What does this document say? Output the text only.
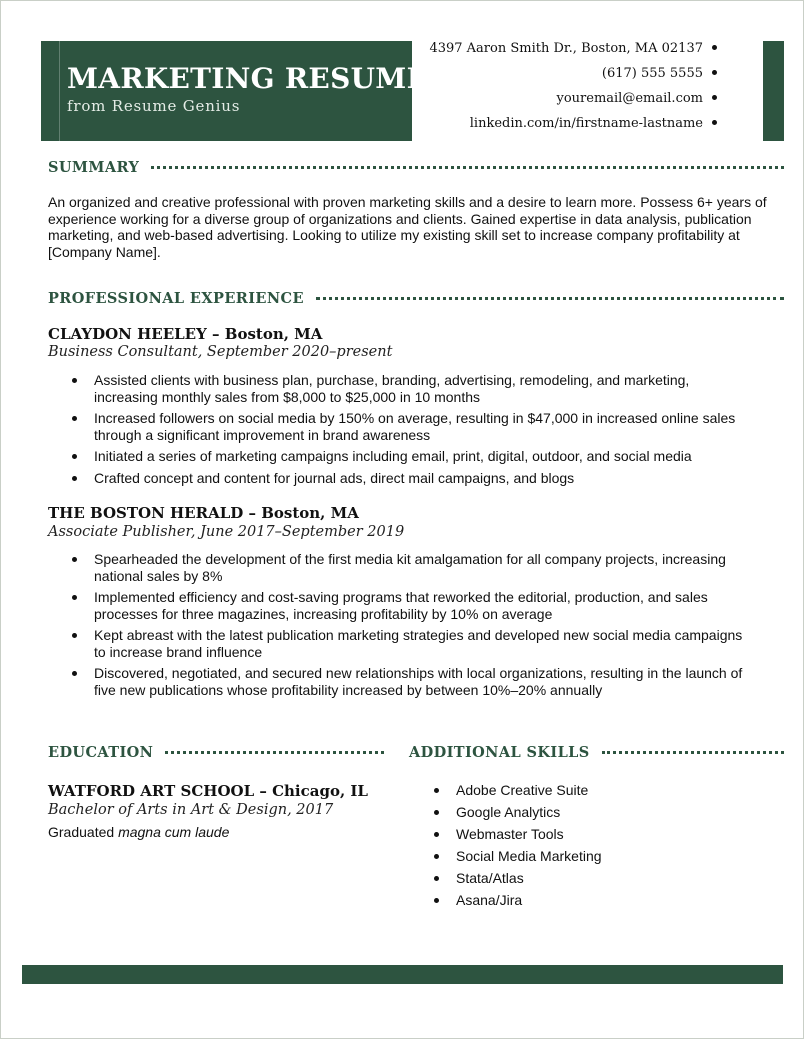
MARKETING RESUME
from Resume Genius
4397 Aaron Smith Dr., Boston, MA 02137
(617) 555 5555
youremail@email.com
linkedin.com/in/firstname-lastname
SUMMARY
An organized and creative professional with proven marketing skills and a desire to learn more. Possess 6+ years of experience working for a diverse group of organizations and clients. Gained expertise in data analysis, publication marketing, and web-based advertising. Looking to utilize my existing skill set to increase company profitability at [Company Name].
PROFESSIONAL EXPERIENCE
CLAYDON HEELEY – Boston, MA
Business Consultant, September 2020–present
Assisted clients with business plan, purchase, branding, advertising, remodeling, and marketing, increasing monthly sales from $8,000 to $25,000 in 10 months
Increased followers on social media by 150% on average, resulting in $47,000 in increased online sales through a significant improvement in brand awareness
Initiated a series of marketing campaigns including email, print, digital, outdoor, and social media
Crafted concept and content for journal ads, direct mail campaigns, and blogs
THE BOSTON HERALD – Boston, MA
Associate Publisher, June 2017–September 2019
Spearheaded the development of the first media kit amalgamation for all company projects, increasing national sales by 8%
Implemented efficiency and cost-saving programs that reworked the editorial, production, and sales processes for three magazines, increasing profitability by 10% on average
Kept abreast with the latest publication marketing strategies and developed new social media campaigns to increase brand influence
Discovered, negotiated, and secured new relationships with local organizations, resulting in the launch of five new publications whose profitability increased by between 10%–20% annually
EDUCATION
WATFORD ART SCHOOL – Chicago, IL
Bachelor of Arts in Art & Design, 2017
Graduated magna cum laude
ADDITIONAL SKILLS
Adobe Creative Suite
Google Analytics
Webmaster Tools
Social Media Marketing
Stata/Atlas
Asana/Jira
